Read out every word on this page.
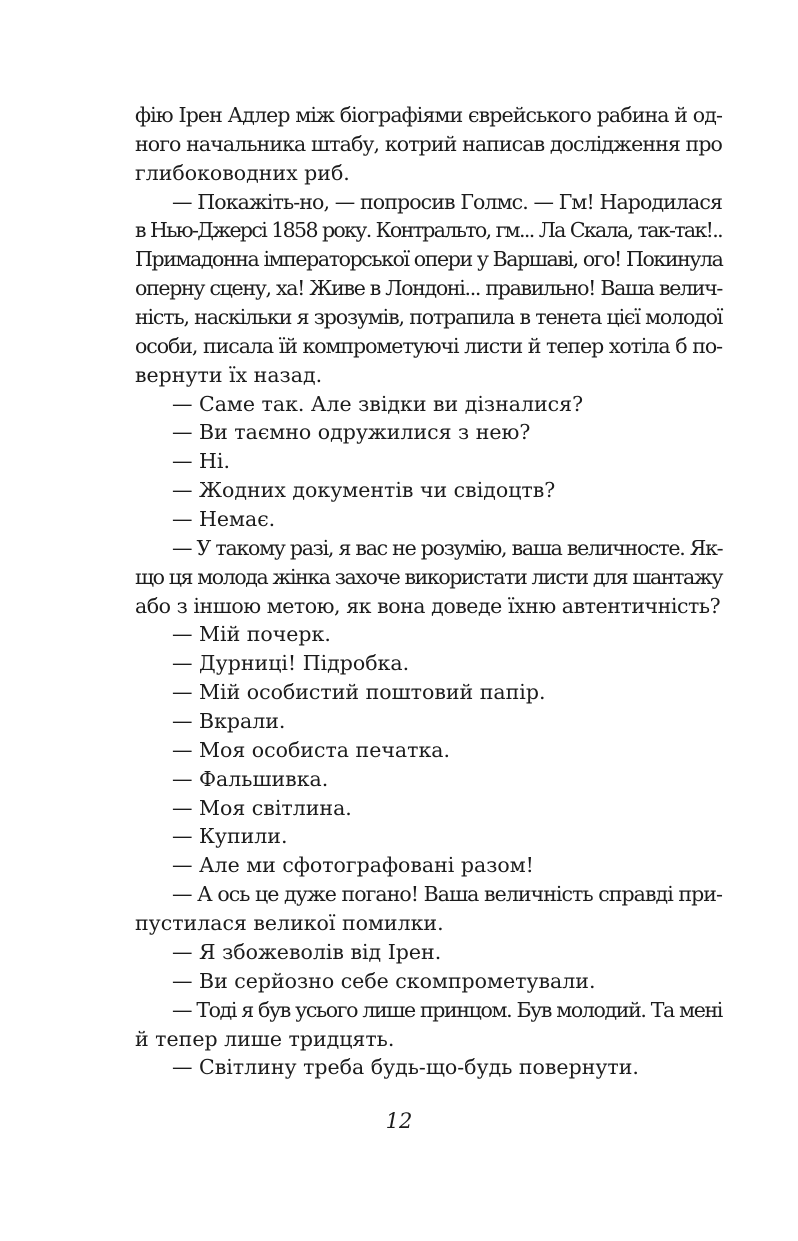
фію Ірен Адлер між біографіями єврейського рабина й од-
ного начальника штабу, котрий написав дослідження про
глибоководних риб.
— Покажіть-но, — попросив Голмс. — Гм! Народилася
в Нью-Джерсі 1858 року. Контральто, гм... Ла Скала, так-так!..
Примадонна імператорської опери у Варшаві, ого! Покинула
оперну сцену, ха! Живе в Лондоні... правильно! Ваша велич-
ність, наскільки я зрозумів, потрапила в тенета цієї молодої
особи, писала їй компрометуючі листи й тепер хотіла б по-
вернути їх назад.
— Саме так. Але звідки ви дізналися?
— Ви таємно одружилися з нею?
— Ні.
— Жодних документів чи свідоцтв?
— Немає.
— У такому разі, я вас не розумію, ваша величносте. Як-
що ця молода жінка захоче використати листи для шантажу
або з іншою метою, як вона доведе їхню автентичність?
— Мій почерк.
— Дурниці! Підробка.
— Мій особистий поштовий папір.
— Вкрали.
— Моя особиста печатка.
— Фальшивка.
— Моя світлина.
— Купили.
— Але ми сфотографовані разом!
— А ось це дуже погано! Ваша величність справді при-
пустилася великої помилки.
— Я збожеволів від Ірен.
— Ви серйозно себе скомпрометували.
— Тоді я був усього лише принцом. Був молодий. Та мені
й тепер лише тридцять.
— Світлину треба будь-що-будь повернути.
12
